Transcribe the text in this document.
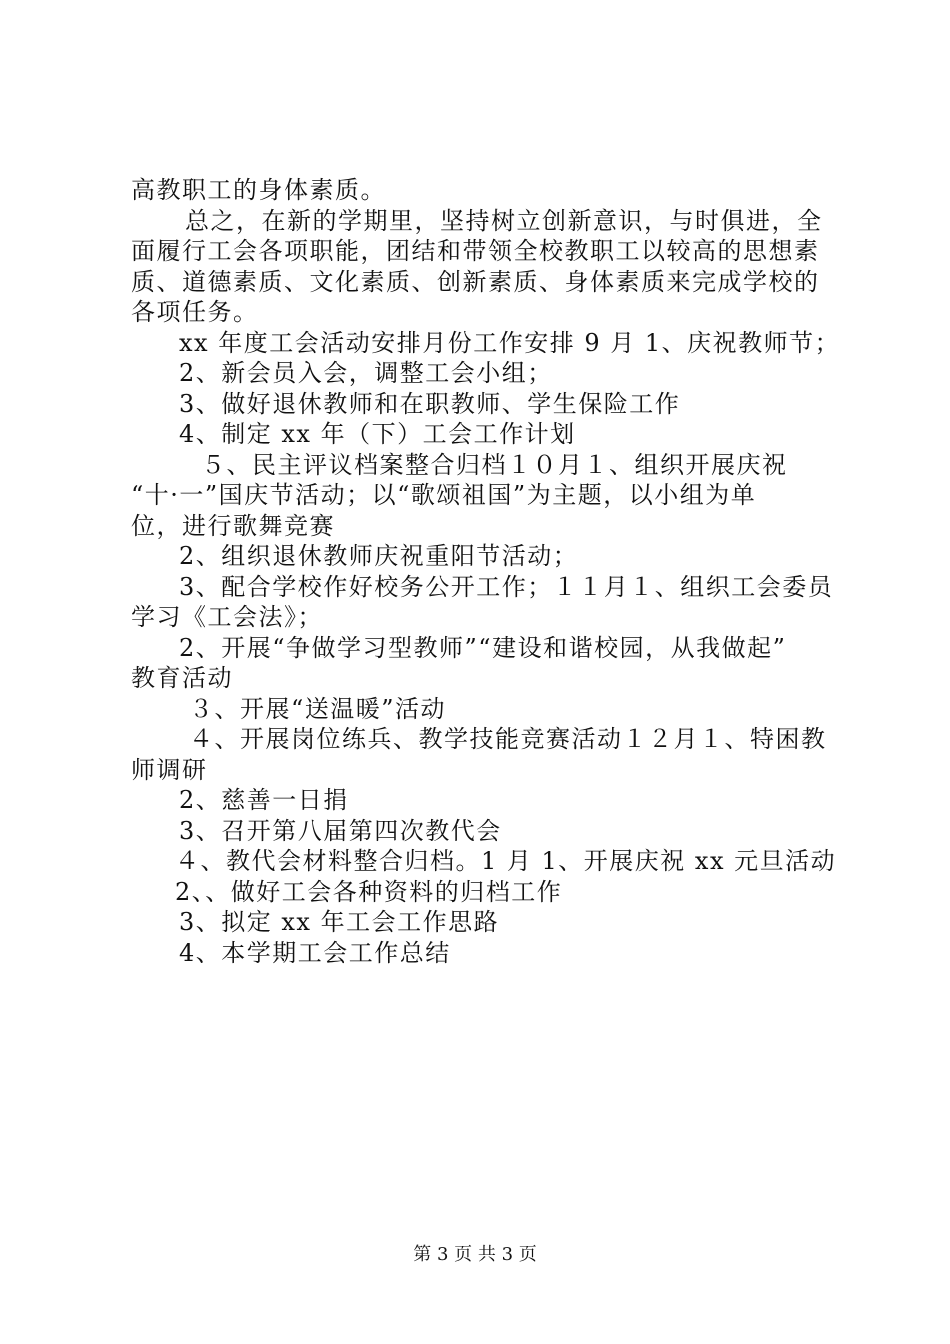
高教职工的身体素质。
总之，在新的学期里，坚持树立创新意识，与时俱进，全
面履行工会各项职能，团结和带领全校教职工以较高的思想素
质、道德素质、文化素质、创新素质、身体素质来完成学校的
各项任务。
xx 年度工会活动安排月份工作安排 9 月 1、庆祝教师节；
2、新会员入会，调整工会小组；
3、做好退休教师和在职教师、学生保险工作
4、制定 xx 年（下）工会工作计划
５、民主评议档案整合归档１０月１、组织开展庆祝
“十·一”国庆节活动；以“歌颂祖国”为主题，以小组为单
位，进行歌舞竞赛
2、组织退休教师庆祝重阳节活动；
3、配合学校作好校务公开工作；１１月１、组织工会委员
学习《工会法》；
2、开展“争做学习型教师”“建设和谐校园，从我做起”
教育活动
３、开展“送温暖”活动
４、开展岗位练兵、教学技能竞赛活动１２月１、特困教
师调研
2、慈善一日捐
3、召开第八届第四次教代会
４、教代会材料整合归档。1 月 1、开展庆祝 xx 元旦活动
2、、做好工会各种资料的归档工作
3、拟定 xx 年工会工作思路
4、本学期工会工作总结
第 3 页 共 3 页
